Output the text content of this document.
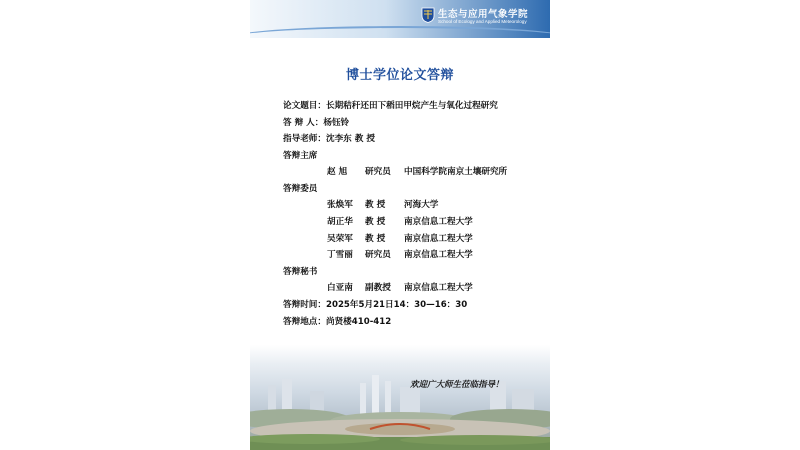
生态与应用气象学院
School of Ecology and Applied Meteorology
博士学位论文答辩
论文题目：长期秸秆还田下稻田甲烷产生与氧化过程研究
答 辩 人：杨钰铃
指导老师：沈李东 教 授
答辩主席
赵 旭 研究员 中国科学院南京土壤研究所
答辩委员
张焕军 教 授 河海大学
胡正华 教 授 南京信息工程大学
吴荣军 教 授 南京信息工程大学
丁雪丽 研究员 南京信息工程大学
答辩秘书
白亚南 副教授 南京信息工程大学
答辩时间：2025年5月21日14：30—16：30
答辩地点：尚贤楼410-412
欢迎广大师生莅临指导！
